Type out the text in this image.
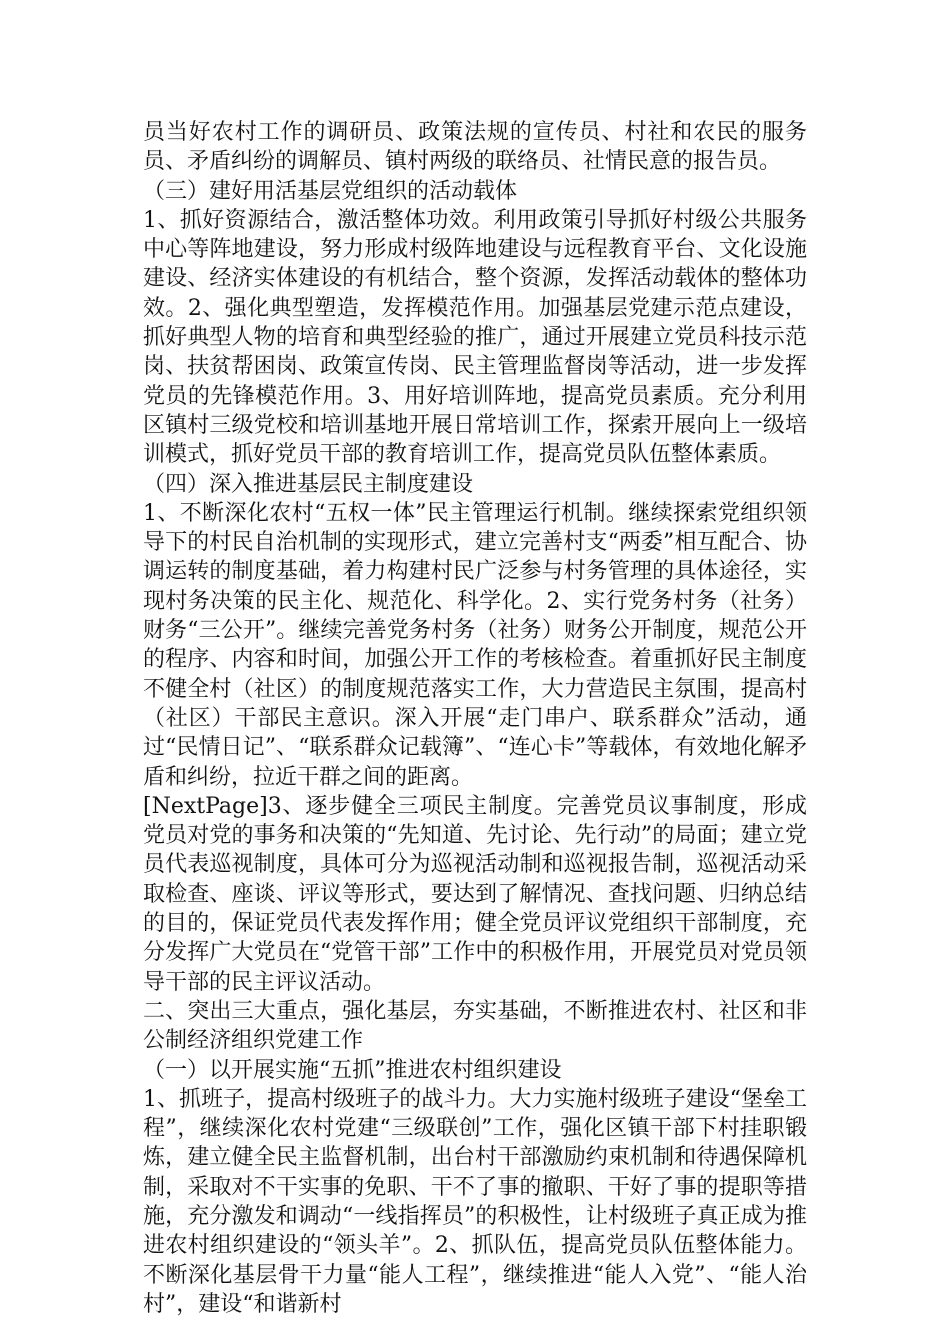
员当好农村工作的调研员、政策法规的宣传员、村社和农民的服务员、矛盾纠纷的调解员、镇村两级的联络员、社情民意的报告员。

（三）建好用活基层党组织的活动载体

1、抓好资源结合，激活整体功效。利用政策引导抓好村级公共服务中心等阵地建设，努力形成村级阵地建设与远程教育平台、文化设施建设、经济实体建设的有机结合，整个资源，发挥活动载体的整体功效。2、强化典型塑造，发挥模范作用。加强基层党建示范点建设，抓好典型人物的培育和典型经验的推广，通过开展建立党员科技示范岗、扶贫帮困岗、政策宣传岗、民主管理监督岗等活动，进一步发挥党员的先锋模范作用。3、用好培训阵地，提高党员素质。充分利用区镇村三级党校和培训基地开展日常培训工作，探索开展向上一级培训模式，抓好党员干部的教育培训工作，提高党员队伍整体素质。

（四）深入推进基层民主制度建设

1、不断深化农村“五权一体”民主管理运行机制。继续探索党组织领导下的村民自治机制的实现形式，建立完善村支“两委”相互配合、协调运转的制度基础，着力构建村民广泛参与村务管理的具体途径，实现村务决策的民主化、规范化、科学化。2、实行党务村务（社务）财务“三公开”。继续完善党务村务（社务）财务公开制度，规范公开的程序、内容和时间，加强公开工作的考核检查。着重抓好民主制度不健全村（社区）的制度规范落实工作，大力营造民主氛围，提高村（社区）干部民主意识。深入开展“走门串户、联系群众”活动，通过“民情日记”、“联系群众记载簿”、“连心卡”等载体，有效地化解矛盾和纠纷，拉近干群之间的距离。

[NextPage]3、逐步健全三项民主制度。完善党员议事制度，形成党员对党的事务和决策的“先知道、先讨论、先行动”的局面；建立党员代表巡视制度，具体可分为巡视活动制和巡视报告制，巡视活动采取检查、座谈、评议等形式，要达到了解情况、查找问题、归纳总结的目的，保证党员代表发挥作用；健全党员评议党组织干部制度，充分发挥广大党员在“党管干部”工作中的积极作用，开展党员对党员领导干部的民主评议活动。

二、突出三大重点，强化基层，夯实基础，不断推进农村、社区和非公制经济组织党建工作

（一）以开展实施“五抓”推进农村组织建设

1、抓班子，提高村级班子的战斗力。大力实施村级班子建设“堡垒工程”，继续深化农村党建“三级联创”工作，强化区镇干部下村挂职锻炼，建立健全民主监督机制，出台村干部激励约束机制和待遇保障机制，采取对不干实事的免职、干不了事的撤职、干好了事的提职等措施，充分激发和调动“一线指挥员”的积极性，让村级班子真正成为推进农村组织建设的“领头羊”。2、抓队伍，提高党员队伍整体能力。不断深化基层骨干力量“能人工程”，继续推进“能人入党”、“能人治村”，建设“和谐新村
